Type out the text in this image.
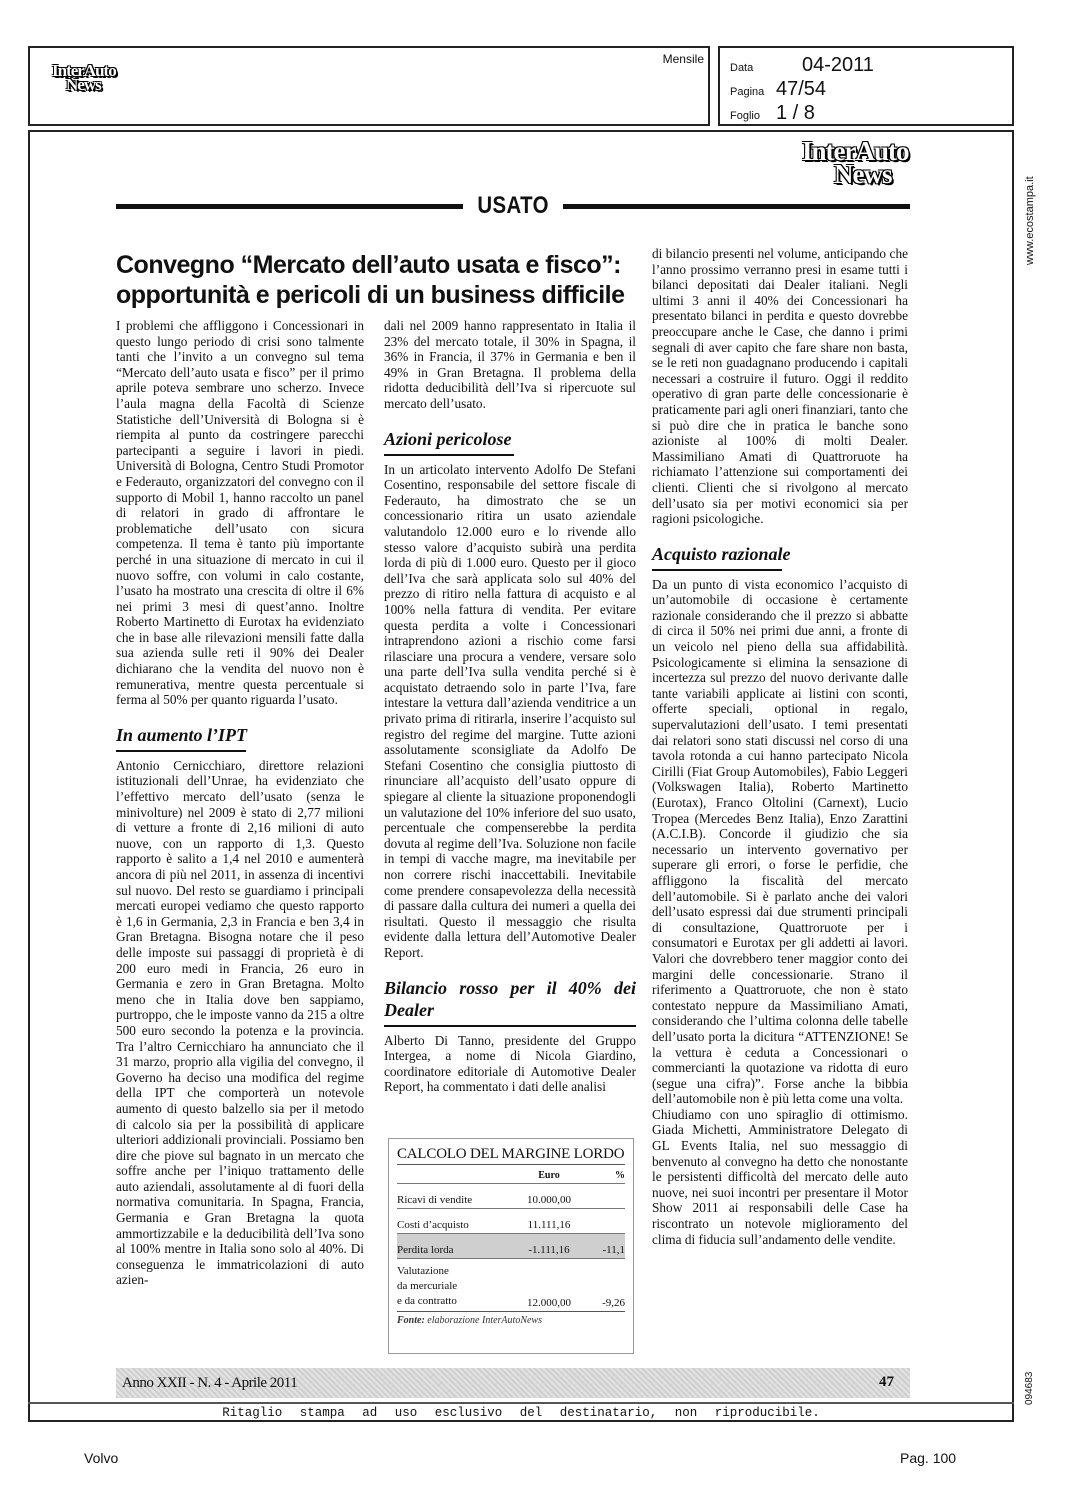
InterAuto
News
Mensile
Data 04-2011
Pagina 47/54
Foglio 1 / 8
www.ecostampa.it
094683
InterAuto
News
USATO
Convegno “Mercato dell’auto usata e fisco”:
opportunità e pericoli di un business difficile

I problemi che affliggono i Concessionari in questo lungo periodo di crisi sono talmente tanti che l’invito a un convegno sul tema “Mercato dell’auto usata e fisco” per il primo aprile poteva sembrare uno scherzo. Invece l’aula magna della Facoltà di Scienze Statistiche dell’Università di Bologna si è riempita al punto da costringere parecchi partecipanti a seguire i lavori in piedi. Università di Bologna, Centro Studi Promotor e Federauto, organizzatori del convegno con il supporto di Mobil 1, hanno raccolto un panel di relatori in grado di affrontare le problematiche dell’usato con sicura competenza. Il tema è tanto più importante perché in una situazione di mercato in cui il nuovo soffre, con volumi in calo costante, l’usato ha mostrato una crescita di oltre il 6% nei primi 3 mesi di quest’anno. Inoltre Roberto Martinetto di Eurotax ha evidenziato che in base alle rilevazioni mensili fatte dalla sua azienda sulle reti il 90% dei Dealer dichiarano che la vendita del nuovo non è remunerativa, mentre questa percentuale si ferma al 50% per quanto riguarda l’usato.

In aumento l’IPT

Antonio Cernicchiaro, direttore relazioni istituzionali dell’Unrae, ha evidenziato che l’effettivo mercato dell’usato (senza le minivolture) nel 2009 è stato di 2,77 milioni di vetture a fronte di 2,16 milioni di auto nuove, con un rapporto di 1,3. Questo rapporto è salito a 1,4 nel 2010 e aumenterà ancora di più nel 2011, in assenza di incentivi sul nuovo. Del resto se guardiamo i principali mercati europei vediamo che questo rapporto è 1,6 in Germania, 2,3 in Francia e ben 3,4 in Gran Bretagna. Bisogna notare che il peso delle imposte sui passaggi di proprietà è di 200 euro medi in Francia, 26 euro in Germania e zero in Gran Bretagna. Molto meno che in Italia dove ben sappiamo, purtroppo, che le imposte vanno da 215 a oltre 500 euro secondo la potenza e la provincia. Tra l’altro Cernicchiaro ha annunciato che il 31 marzo, proprio alla vigilia del convegno, il Governo ha deciso una modifica del regime della IPT che comporterà un notevole aumento di questo balzello sia per il metodo di calcolo sia per la possibilità di applicare ulteriori addizionali provinciali. Possiamo ben dire che piove sul bagnato in un mercato che soffre anche per l’iniquo trattamento delle auto aziendali, assolutamente al di fuori della normativa comunitaria. In Spagna, Francia, Germania e Gran Bretagna la quota ammortizzabile e la deducibilità dell’Iva sono al 100% mentre in Italia sono solo al 40%. Di conseguenza le immatricolazioni di auto azien-

dali nel 2009 hanno rappresentato in Italia il 23% del mercato totale, il 30% in Spagna, il 36% in Francia, il 37% in Germania e ben il 49% in Gran Bretagna. Il problema della ridotta deducibilità dell’Iva si ripercuote sul mercato dell’usato.

Azioni pericolose

In un articolato intervento Adolfo De Stefani Cosentino, responsabile del settore fiscale di Federauto, ha dimostrato che se un concessionario ritira un usato aziendale valutandolo 12.000 euro e lo rivende allo stesso valore d’acquisto subirà una perdita lorda di più di 1.000 euro. Questo per il gioco dell’Iva che sarà applicata solo sul 40% del prezzo di ritiro nella fattura di acquisto e al 100% nella fattura di vendita. Per evitare questa perdita a volte i Concessionari intraprendono azioni a rischio come farsi rilasciare una procura a vendere, versare solo una parte dell’Iva sulla vendita perché si è acquistato detraendo solo in parte l’Iva, fare intestare la vettura dall’azienda venditrice a un privato prima di ritirarla, inserire l’acquisto sul registro del regime del margine. Tutte azioni assolutamente sconsigliate da Adolfo De Stefani Cosentino che consiglia piuttosto di rinunciare all’acquisto dell’usato oppure di spiegare al cliente la situazione proponendogli un valutazione del 10% inferiore del suo usato, percentuale che compenserebbe la perdita dovuta al regime dell’Iva. Soluzione non facile in tempi di vacche magre, ma inevitabile per non correre rischi inaccettabili. Inevitabile come prendere consapevolezza della necessità di passare dalla cultura dei numeri a quella dei risultati. Questo il messaggio che risulta evidente dalla lettura dell’Automotive Dealer Report.

Bilancio rosso per il 40% dei Dealer

Alberto Di Tanno, presidente del Gruppo Intergea, a nome di Nicola Giardino, coordinatore editoriale di Automotive Dealer Report, ha commentato i dati delle analisi

CALCOLO DEL MARGINE LORDO
Euro	%
Ricavi di vendite	10.000,00
Costi d’acquisto	11.111,16
Perdita lorda	-1.111,16	-11,1
Valutazione
da mercuriale
e da contratto	12.000,00	-9,26
Fonte: elaborazione InterAutoNews

di bilancio presenti nel volume, anticipando che l’anno prossimo verranno presi in esame tutti i bilanci depositati dai Dealer italiani. Negli ultimi 3 anni il 40% dei Concessionari ha presentato bilanci in perdita e questo dovrebbe preoccupare anche le Case, che danno i primi segnali di aver capito che fare share non basta, se le reti non guadagnano producendo i capitali necessari a costruire il futuro. Oggi il reddito operativo di gran parte delle concessionarie è praticamente pari agli oneri finanziari, tanto che si può dire che in pratica le banche sono azioniste al 100% di molti Dealer. Massimiliano Amati di Quattroruote ha richiamato l’attenzione sui comportamenti dei clienti. Clienti che si rivolgono al mercato dell’usato sia per motivi economici sia per ragioni psicologiche.

Acquisto razionale

Da un punto di vista economico l’acquisto di un’automobile di occasione è certamente razionale considerando che il prezzo si abbatte di circa il 50% nei primi due anni, a fronte di un veicolo nel pieno della sua affidabilità. Psicologicamente si elimina la sensazione di incertezza sul prezzo del nuovo derivante dalle tante variabili applicate ai listini con sconti, offerte speciali, optional in regalo, supervalutazioni dell’usato. I temi presentati dai relatori sono stati discussi nel corso di una tavola rotonda a cui hanno partecipato Nicola Cirilli (Fiat Group Automobiles), Fabio Leggeri (Volkswagen Italia), Roberto Martinetto (Eurotax), Franco Oltolini (Carnext), Lucio Tropea (Mercedes Benz Italia), Enzo Zarattini (A.C.I.B). Concorde il giudizio che sia necessario un intervento governativo per superare gli errori, o forse le perfidie, che affliggono la fiscalità del mercato dell’automobile. Si è parlato anche dei valori dell’usato espressi dai due strumenti principali di consultazione, Quattroruote per i consumatori e Eurotax per gli addetti ai lavori. Valori che dovrebbero tener maggior conto dei margini delle concessionarie. Strano il riferimento a Quattroruote, che non è stato contestato neppure da Massimiliano Amati, considerando che l’ultima colonna delle tabelle dell’usato porta la dicitura “ATTENZIONE! Se la vettura è ceduta a Concessionari o commercianti la quotazione va ridotta di euro (segue una cifra)”. Forse anche la bibbia dell’automobile non è più letta come una volta.

Chiudiamo con uno spiraglio di ottimismo. Giada Michetti, Amministratore Delegato di GL Events Italia, nel suo messaggio di benvenuto al convegno ha detto che nonostante le persistenti difficoltà del mercato delle auto nuove, nei suoi incontri per presentare il Motor Show 2011 ai responsabili delle Case ha riscontrato un notevole miglioramento del clima di fiducia sull’andamento delle vendite.

Anno XXII - N. 4 - Aprile 2011	47
Ritaglio stampa ad uso esclusivo del destinatario, non riproducibile.
Volvo	Pag. 100
